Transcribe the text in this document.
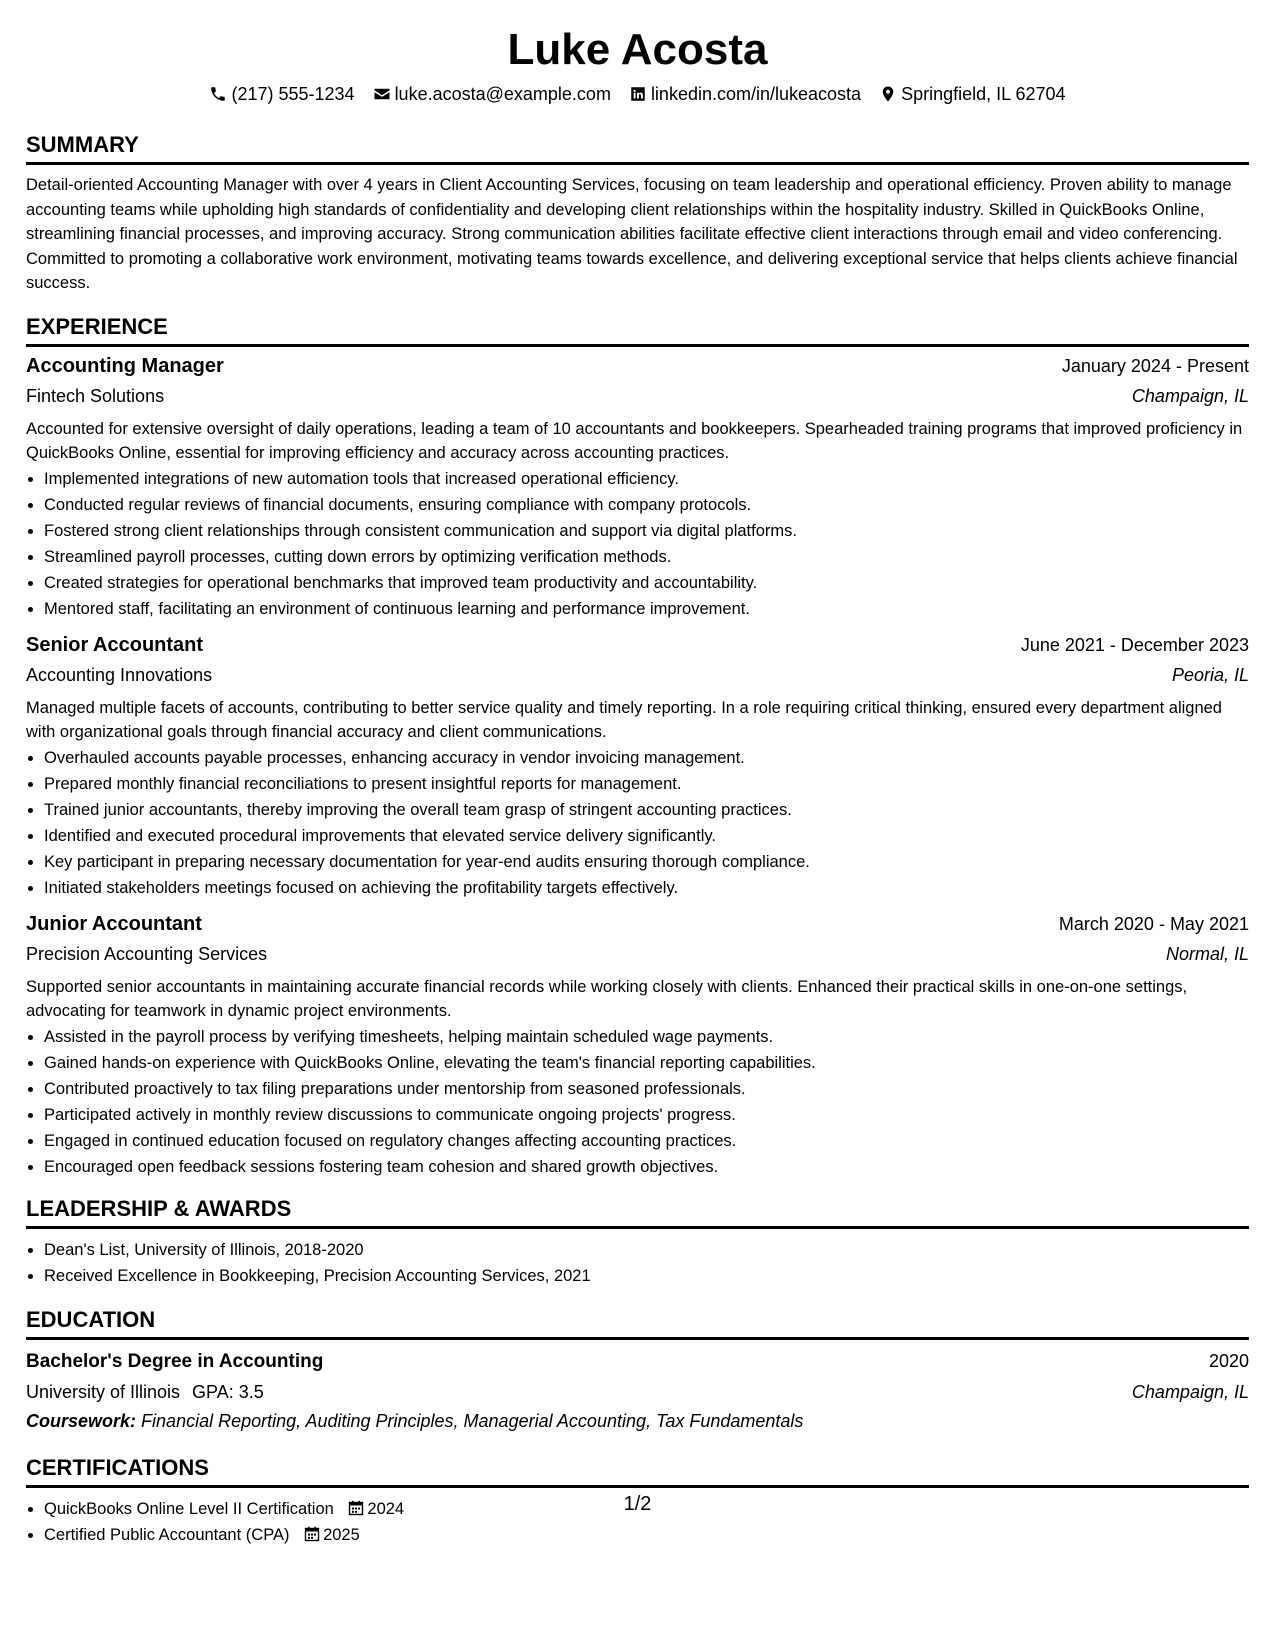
Luke Acosta
(217) 555-1234 luke.acosta@example.com linkedin.com/in/lukeacosta Springfield, IL 62704
SUMMARY
Detail-oriented Accounting Manager with over 4 years in Client Accounting Services, focusing on team leadership and operational efficiency. Proven ability to manage accounting teams while upholding high standards of confidentiality and developing client relationships within the hospitality industry. Skilled in QuickBooks Online, streamlining financial processes, and improving accuracy. Strong communication abilities facilitate effective client interactions through email and video conferencing. Committed to promoting a collaborative work environment, motivating teams towards excellence, and delivering exceptional service that helps clients achieve financial success.
EXPERIENCE
Accounting Manager	January 2024 - Present
Fintech Solutions	Champaign, IL
Accounted for extensive oversight of daily operations, leading a team of 10 accountants and bookkeepers. Spearheaded training programs that improved proficiency in QuickBooks Online, essential for improving efficiency and accuracy across accounting practices.
• Implemented integrations of new automation tools that increased operational efficiency.
• Conducted regular reviews of financial documents, ensuring compliance with company protocols.
• Fostered strong client relationships through consistent communication and support via digital platforms.
• Streamlined payroll processes, cutting down errors by optimizing verification methods.
• Created strategies for operational benchmarks that improved team productivity and accountability.
• Mentored staff, facilitating an environment of continuous learning and performance improvement.
Senior Accountant	June 2021 - December 2023
Accounting Innovations	Peoria, IL
Managed multiple facets of accounts, contributing to better service quality and timely reporting. In a role requiring critical thinking, ensured every department aligned with organizational goals through financial accuracy and client communications.
• Overhauled accounts payable processes, enhancing accuracy in vendor invoicing management.
• Prepared monthly financial reconciliations to present insightful reports for management.
• Trained junior accountants, thereby improving the overall team grasp of stringent accounting practices.
• Identified and executed procedural improvements that elevated service delivery significantly.
• Key participant in preparing necessary documentation for year-end audits ensuring thorough compliance.
• Initiated stakeholders meetings focused on achieving the profitability targets effectively.
Junior Accountant	March 2020 - May 2021
Precision Accounting Services	Normal, IL
Supported senior accountants in maintaining accurate financial records while working closely with clients. Enhanced their practical skills in one-on-one settings, advocating for teamwork in dynamic project environments.
• Assisted in the payroll process by verifying timesheets, helping maintain scheduled wage payments.
• Gained hands-on experience with QuickBooks Online, elevating the team's financial reporting capabilities.
• Contributed proactively to tax filing preparations under mentorship from seasoned professionals.
• Participated actively in monthly review discussions to communicate ongoing projects' progress.
• Engaged in continued education focused on regulatory changes affecting accounting practices.
• Encouraged open feedback sessions fostering team cohesion and shared growth objectives.
LEADERSHIP & AWARDS
• Dean's List, University of Illinois, 2018-2020
• Received Excellence in Bookkeeping, Precision Accounting Services, 2021
EDUCATION
Bachelor's Degree in Accounting	2020
University of Illinois GPA: 3.5	Champaign, IL
Coursework: Financial Reporting, Auditing Principles, Managerial Accounting, Tax Fundamentals
CERTIFICATIONS
• QuickBooks Online Level II Certification 2024
• Certified Public Accountant (CPA) 2025
1/2
